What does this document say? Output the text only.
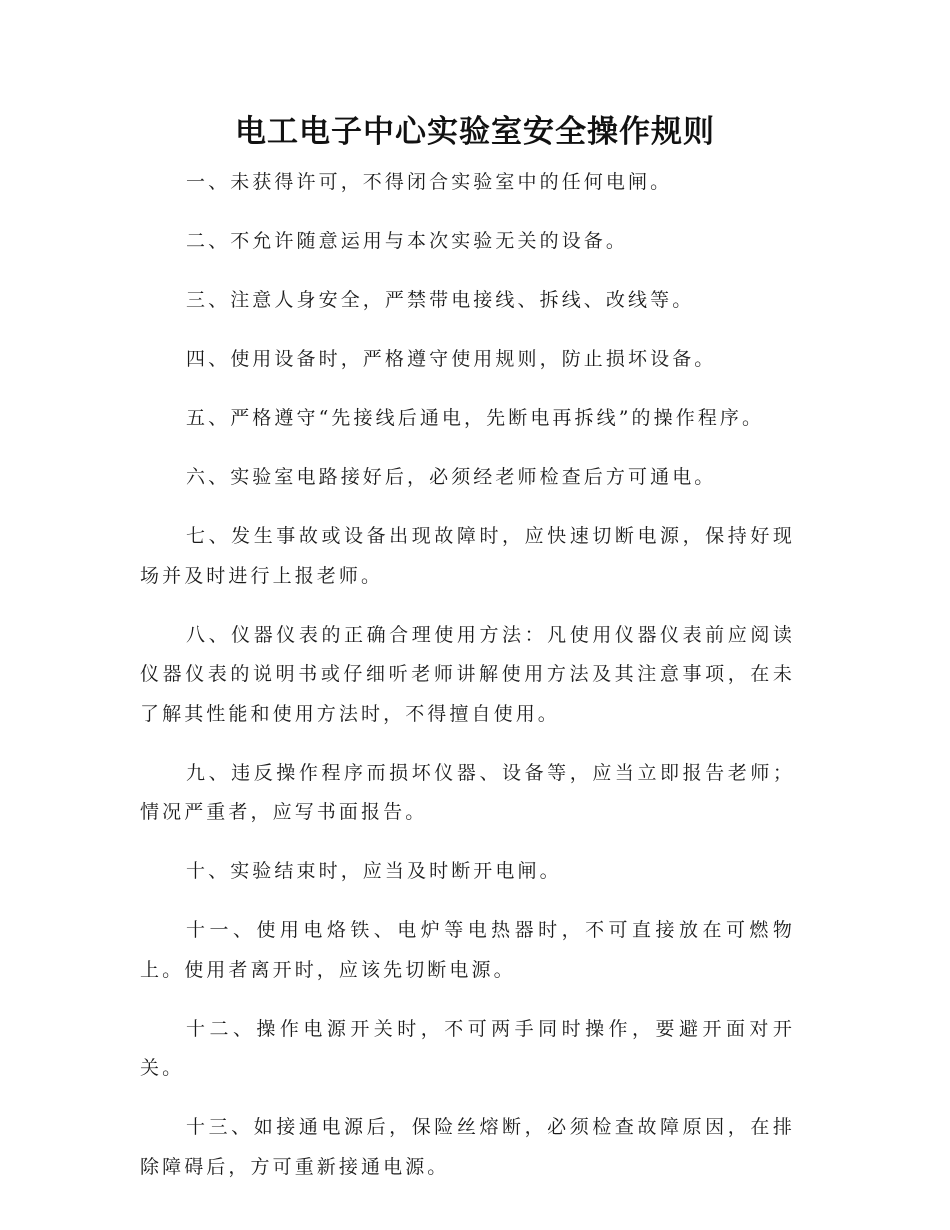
电工电子中心实验室安全操作规则

一、未获得许可，不得闭合实验室中的任何电闸。

二、不允许随意运用与本次实验无关的设备。

三、注意人身安全，严禁带电接线、拆线、改线等。

四、使用设备时，严格遵守使用规则，防止损坏设备。

五、严格遵守“先接线后通电，先断电再拆线”的操作程序。

六、实验室电路接好后，必须经老师检查后方可通电。

七、发生事故或设备出现故障时，应快速切断电源，保持好现场并及时进行上报老师。

八、仪器仪表的正确合理使用方法：凡使用仪器仪表前应阅读仪器仪表的说明书或仔细听老师讲解使用方法及其注意事项，在未了解其性能和使用方法时，不得擅自使用。

九、违反操作程序而损坏仪器、设备等，应当立即报告老师；情况严重者，应写书面报告。

十、实验结束时，应当及时断开电闸。

十一、使用电烙铁、电炉等电热器时，不可直接放在可燃物上。使用者离开时，应该先切断电源。

十二、操作电源开关时，不可两手同时操作，要避开面对开关。

十三、如接通电源后，保险丝熔断，必须检查故障原因，在排除障碍后，方可重新接通电源。
